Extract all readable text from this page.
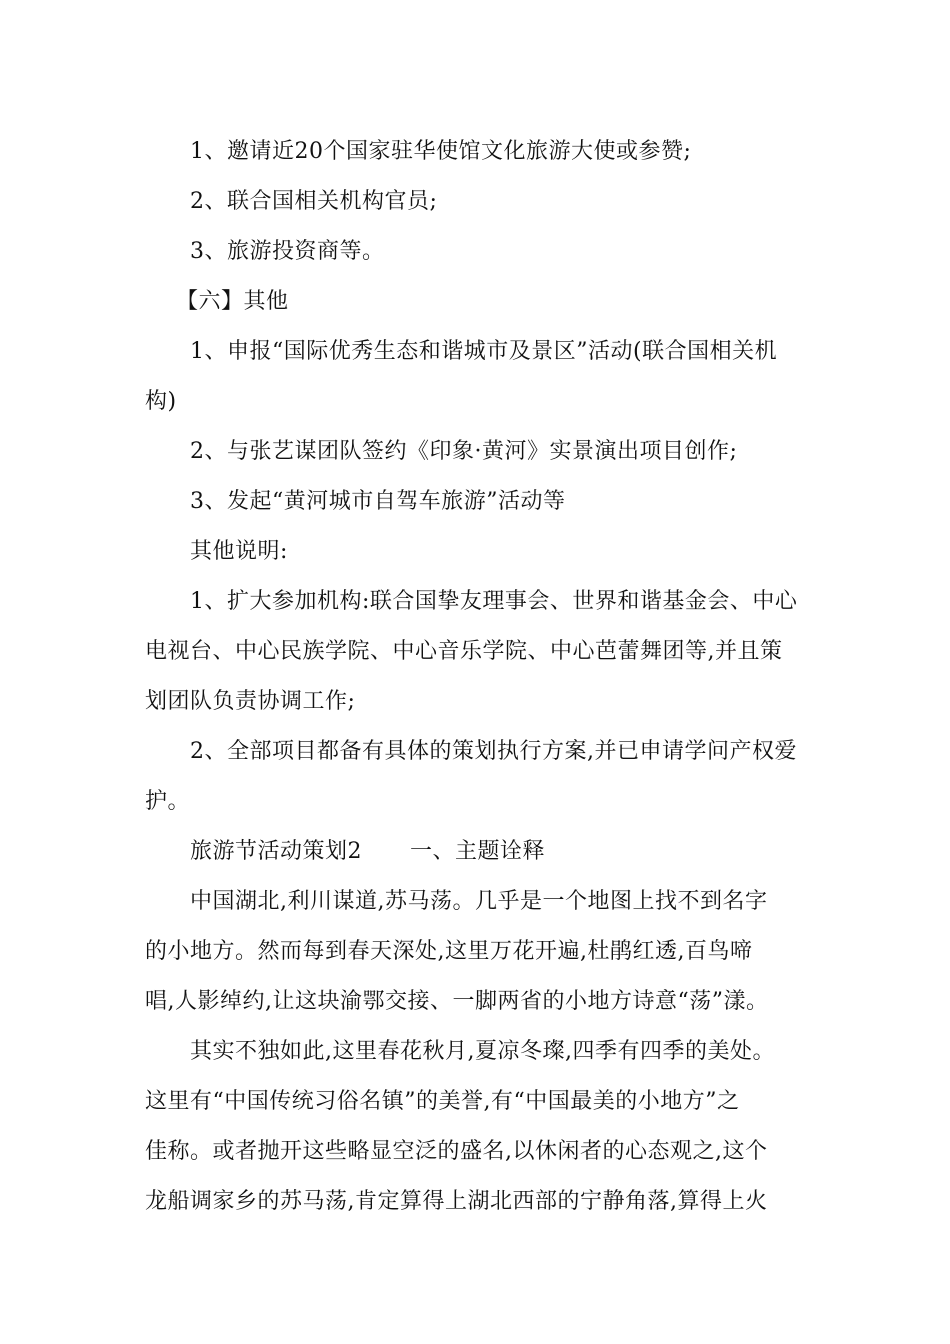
1、邀请近20个国家驻华使馆文化旅游大使或参赞;
2、联合国相关机构官员;
3、旅游投资商等。
【六】其他
1、申报“国际优秀生态和谐城市及景区”活动(联合国相关机
构)
2、与张艺谋团队签约《印象·黄河》实景演出项目创作;
3、发起“黄河城市自驾车旅游”活动等
其他说明:
1、扩大参加机构:联合国挚友理事会、世界和谐基金会、中心
电视台、中心民族学院、中心音乐学院、中心芭蕾舞团等,并且策
划团队负责协调工作;
2、全部项目都备有具体的策划执行方案,并已申请学问产权爱
护。
旅游节活动策划2 一、主题诠释
中国湖北,利川谋道,苏马荡。几乎是一个地图上找不到名字
的小地方。然而每到春天深处,这里万花开遍,杜鹃红透,百鸟啼
唱,人影绰约,让这块渝鄂交接、一脚两省的小地方诗意“荡”漾。
其实不独如此,这里春花秋月,夏凉冬璨,四季有四季的美处。
这里有“中国传统习俗名镇”的美誉,有“中国最美的小地方”之
佳称。或者抛开这些略显空泛的盛名,以休闲者的心态观之,这个
龙船调家乡的苏马荡,肯定算得上湖北西部的宁静角落,算得上火
